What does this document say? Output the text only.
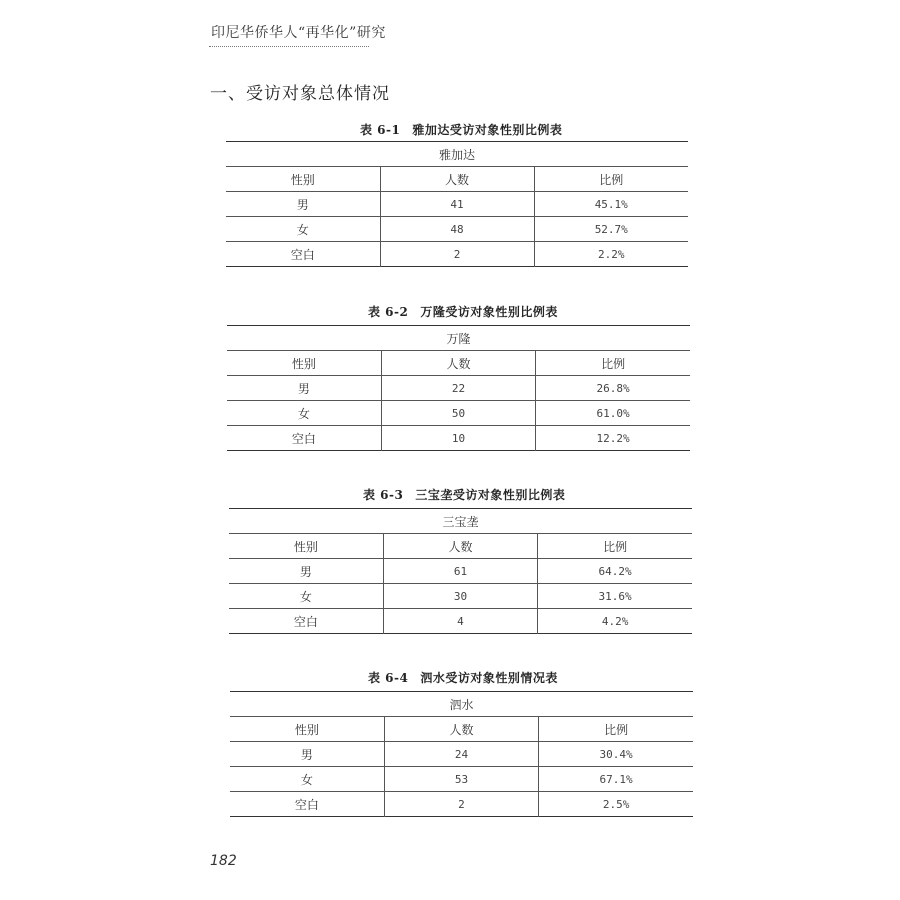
印尼华侨华人“再华化”研究
一、受访对象总体情况
表 6-1 雅加达受访对象性别比例表
雅加达		
性别	人数	比例
男	41	45.1%
女	48	52.7%
空白	2	2.2%
表 6-2 万隆受访对象性别比例表
万隆		
性别	人数	比例
男	22	26.8%
女	50	61.0%
空白	10	12.2%
表 6-3 三宝垄受访对象性别比例表
三宝垄		
性别	人数	比例
男	61	64.2%
女	30	31.6%
空白	4	4.2%
表 6-4 泗水受访对象性别情况表
泗水		
性别	人数	比例
男	24	30.4%
女	53	67.1%
空白	2	2.5%
182
